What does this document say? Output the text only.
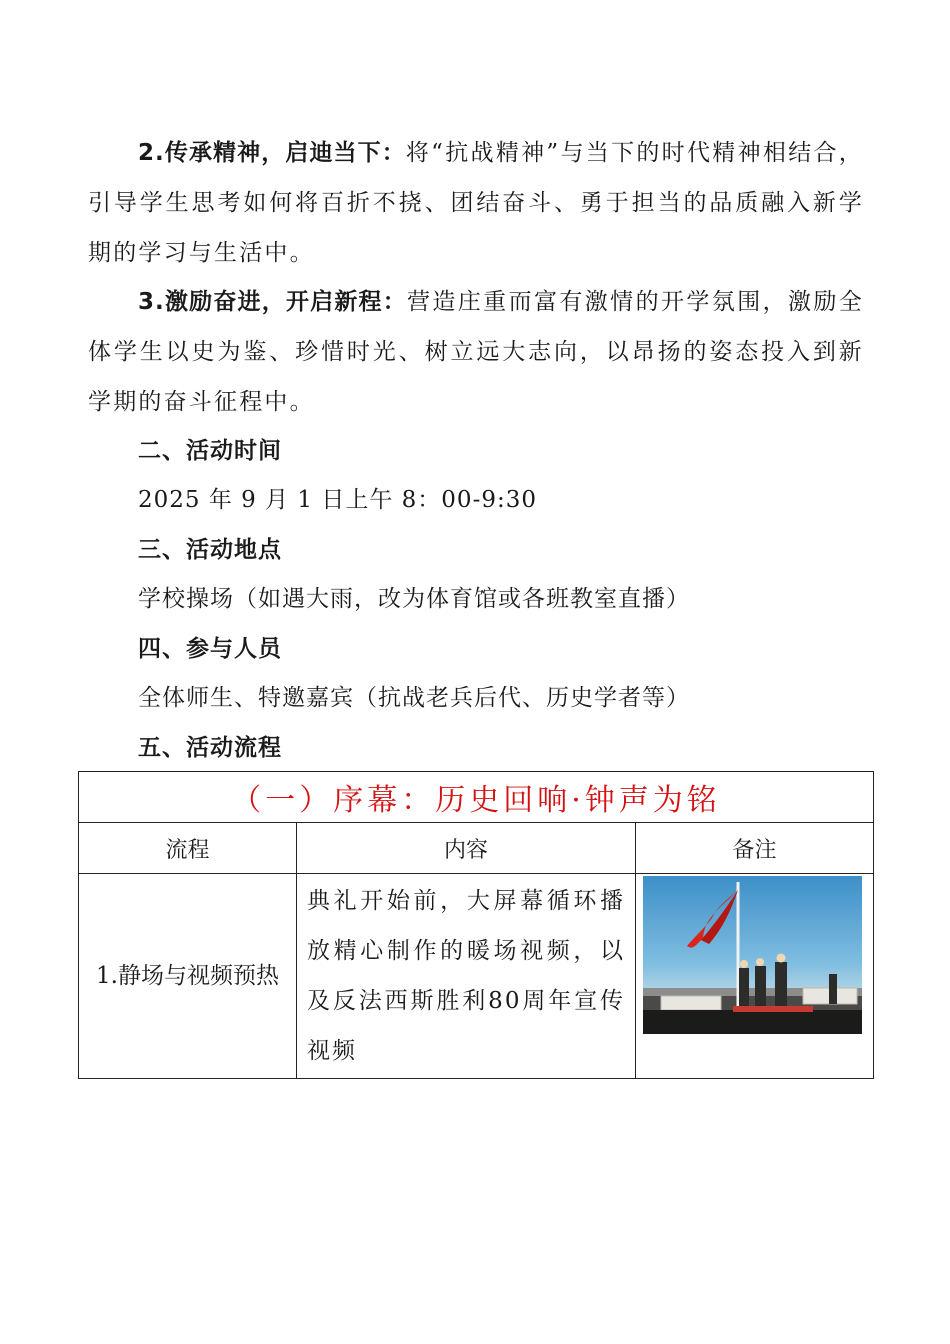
2.传承精神，启迪当下：将“抗战精神”与当下的时代精神相结合，引导学生思考如何将百折不挠、团结奋斗、勇于担当的品质融入新学期的学习与生活中。

3.激励奋进，开启新程：营造庄重而富有激情的开学氛围，激励全体学生以史为鉴、珍惜时光、树立远大志向，以昂扬的姿态投入到新学期的奋斗征程中。

二、活动时间

2025 年 9 月 1 日上午 8：00-9:30

三、活动地点

学校操场（如遇大雨，改为体育馆或各班教室直播）

四、参与人员

全体师生、特邀嘉宾（抗战老兵后代、历史学者等）

五、活动流程

（一）序幕：历史回响·钟声为铭		
流程	内容	备注
1.静场与视频预热	典礼开始前，大屏幕循环播放精心制作的暖场视频，以及反法西斯胜利80周年宣传视频	
